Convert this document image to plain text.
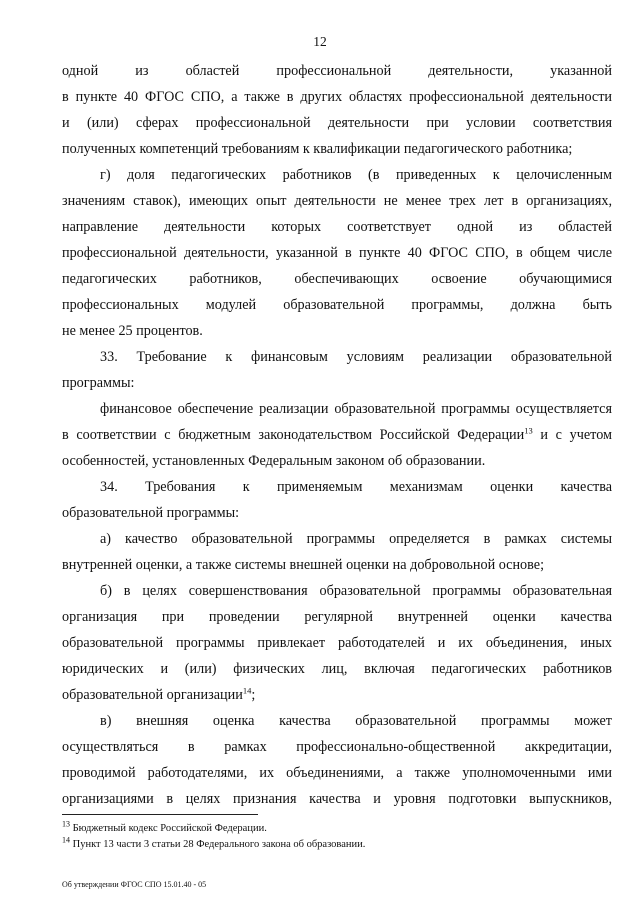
12
одной из областей профессиональной деятельности, указанной
в пункте 40 ФГОС СПО, а также в других областях профессиональной деятельности
и (или) сферах профессиональной деятельности при условии соответствия
полученных компетенций требованиям к квалификации педагогического работника;
г) доля педагогических работников (в приведенных к целочисленным
значениям ставок), имеющих опыт деятельности не менее трех лет в организациях,
направление деятельности которых соответствует одной из областей
профессиональной деятельности, указанной в пункте 40 ФГОС СПО, в общем числе
педагогических работников, обеспечивающих освоение обучающимися
профессиональных модулей образовательной программы, должна быть
не менее 25 процентов.
33. Требование к финансовым условиям реализации образовательной
программы:
финансовое обеспечение реализации образовательной программы осуществляется
в соответствии с бюджетным законодательством Российской Федерации$^{13}$ и с учетом
особенностей, установленных Федеральным законом об образовании.
34. Требования к применяемым механизмам оценки качества
образовательной программы:
а) качество образовательной программы определяется в рамках системы
внутренней оценки, а также системы внешней оценки на добровольной основе;
б) в целях совершенствования образовательной программы образовательная
организация при проведении регулярной внутренней оценки качества
образовательной программы привлекает работодателей и их объединения, иных
юридических и (или) физических лиц, включая педагогических работников
образовательной организации$^{14}$;
в) внешняя оценка качества образовательной программы может
осуществляться в рамках профессионально-общественной аккредитации,
проводимой работодателями, их объединениями, а также уполномоченными ими
организациями в целях признания качества и уровня подготовки выпускников,
$^{13}$ Бюджетный кодекс Российской Федерации.
$^{14}$ Пункт 13 части 3 статьи 28 Федерального закона об образовании.
Об утверждении ФГОС СПО 15.01.40 - 05
